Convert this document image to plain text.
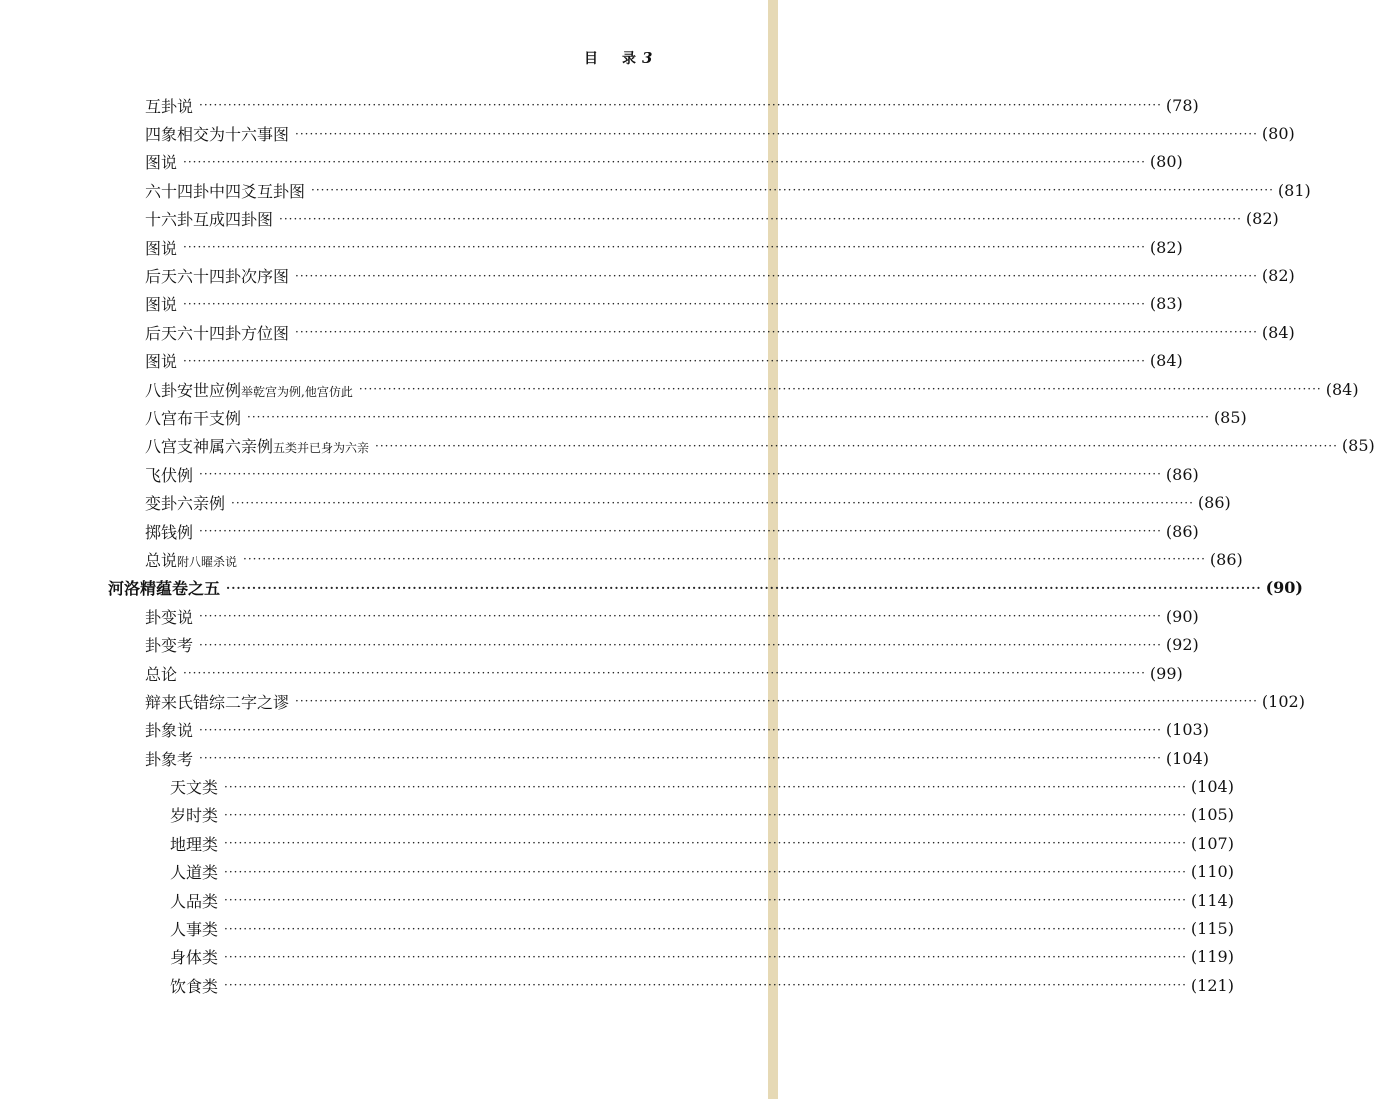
目 录 3
互卦说 ········································································································································································································ (78)
四象相交为十六事图 ········································································································································································································ (80)
图说 ········································································································································································································ (80)
六十四卦中四爻互卦图 ········································································································································································································ (81)
十六卦互成四卦图 ········································································································································································································ (82)
图说 ········································································································································································································ (82)
后天六十四卦次序图 ········································································································································································································ (82)
图说 ········································································································································································································ (83)
后天六十四卦方位图 ········································································································································································································ (84)
图说 ········································································································································································································ (84)
八卦安世应例举乾宫为例,他宫仿此 ········································································································································································································ (84)
八宫布干支例 ········································································································································································································ (85)
八宫支神属六亲例五类并已身为六亲 ········································································································································································································ (85)
飞伏例 ········································································································································································································ (86)
变卦六亲例 ········································································································································································································ (86)
掷钱例 ········································································································································································································ (86)
总说附八曜杀说 ········································································································································································································ (86)
河洛精蕴卷之五 ········································································································································································································ (90)
卦变说 ········································································································································································································ (90)
卦变考 ········································································································································································································ (92)
总论 ········································································································································································································ (99)
辩来氏错综二字之谬 ········································································································································································································ (102)
卦象说 ········································································································································································································ (103)
卦象考 ········································································································································································································ (104)
天文类 ········································································································································································································ (104)
岁时类 ········································································································································································································ (105)
地理类 ········································································································································································································ (107)
人道类 ········································································································································································································ (110)
人品类 ········································································································································································································ (114)
人事类 ········································································································································································································ (115)
身体类 ········································································································································································································ (119)
饮食类 ········································································································································································································ (121)
